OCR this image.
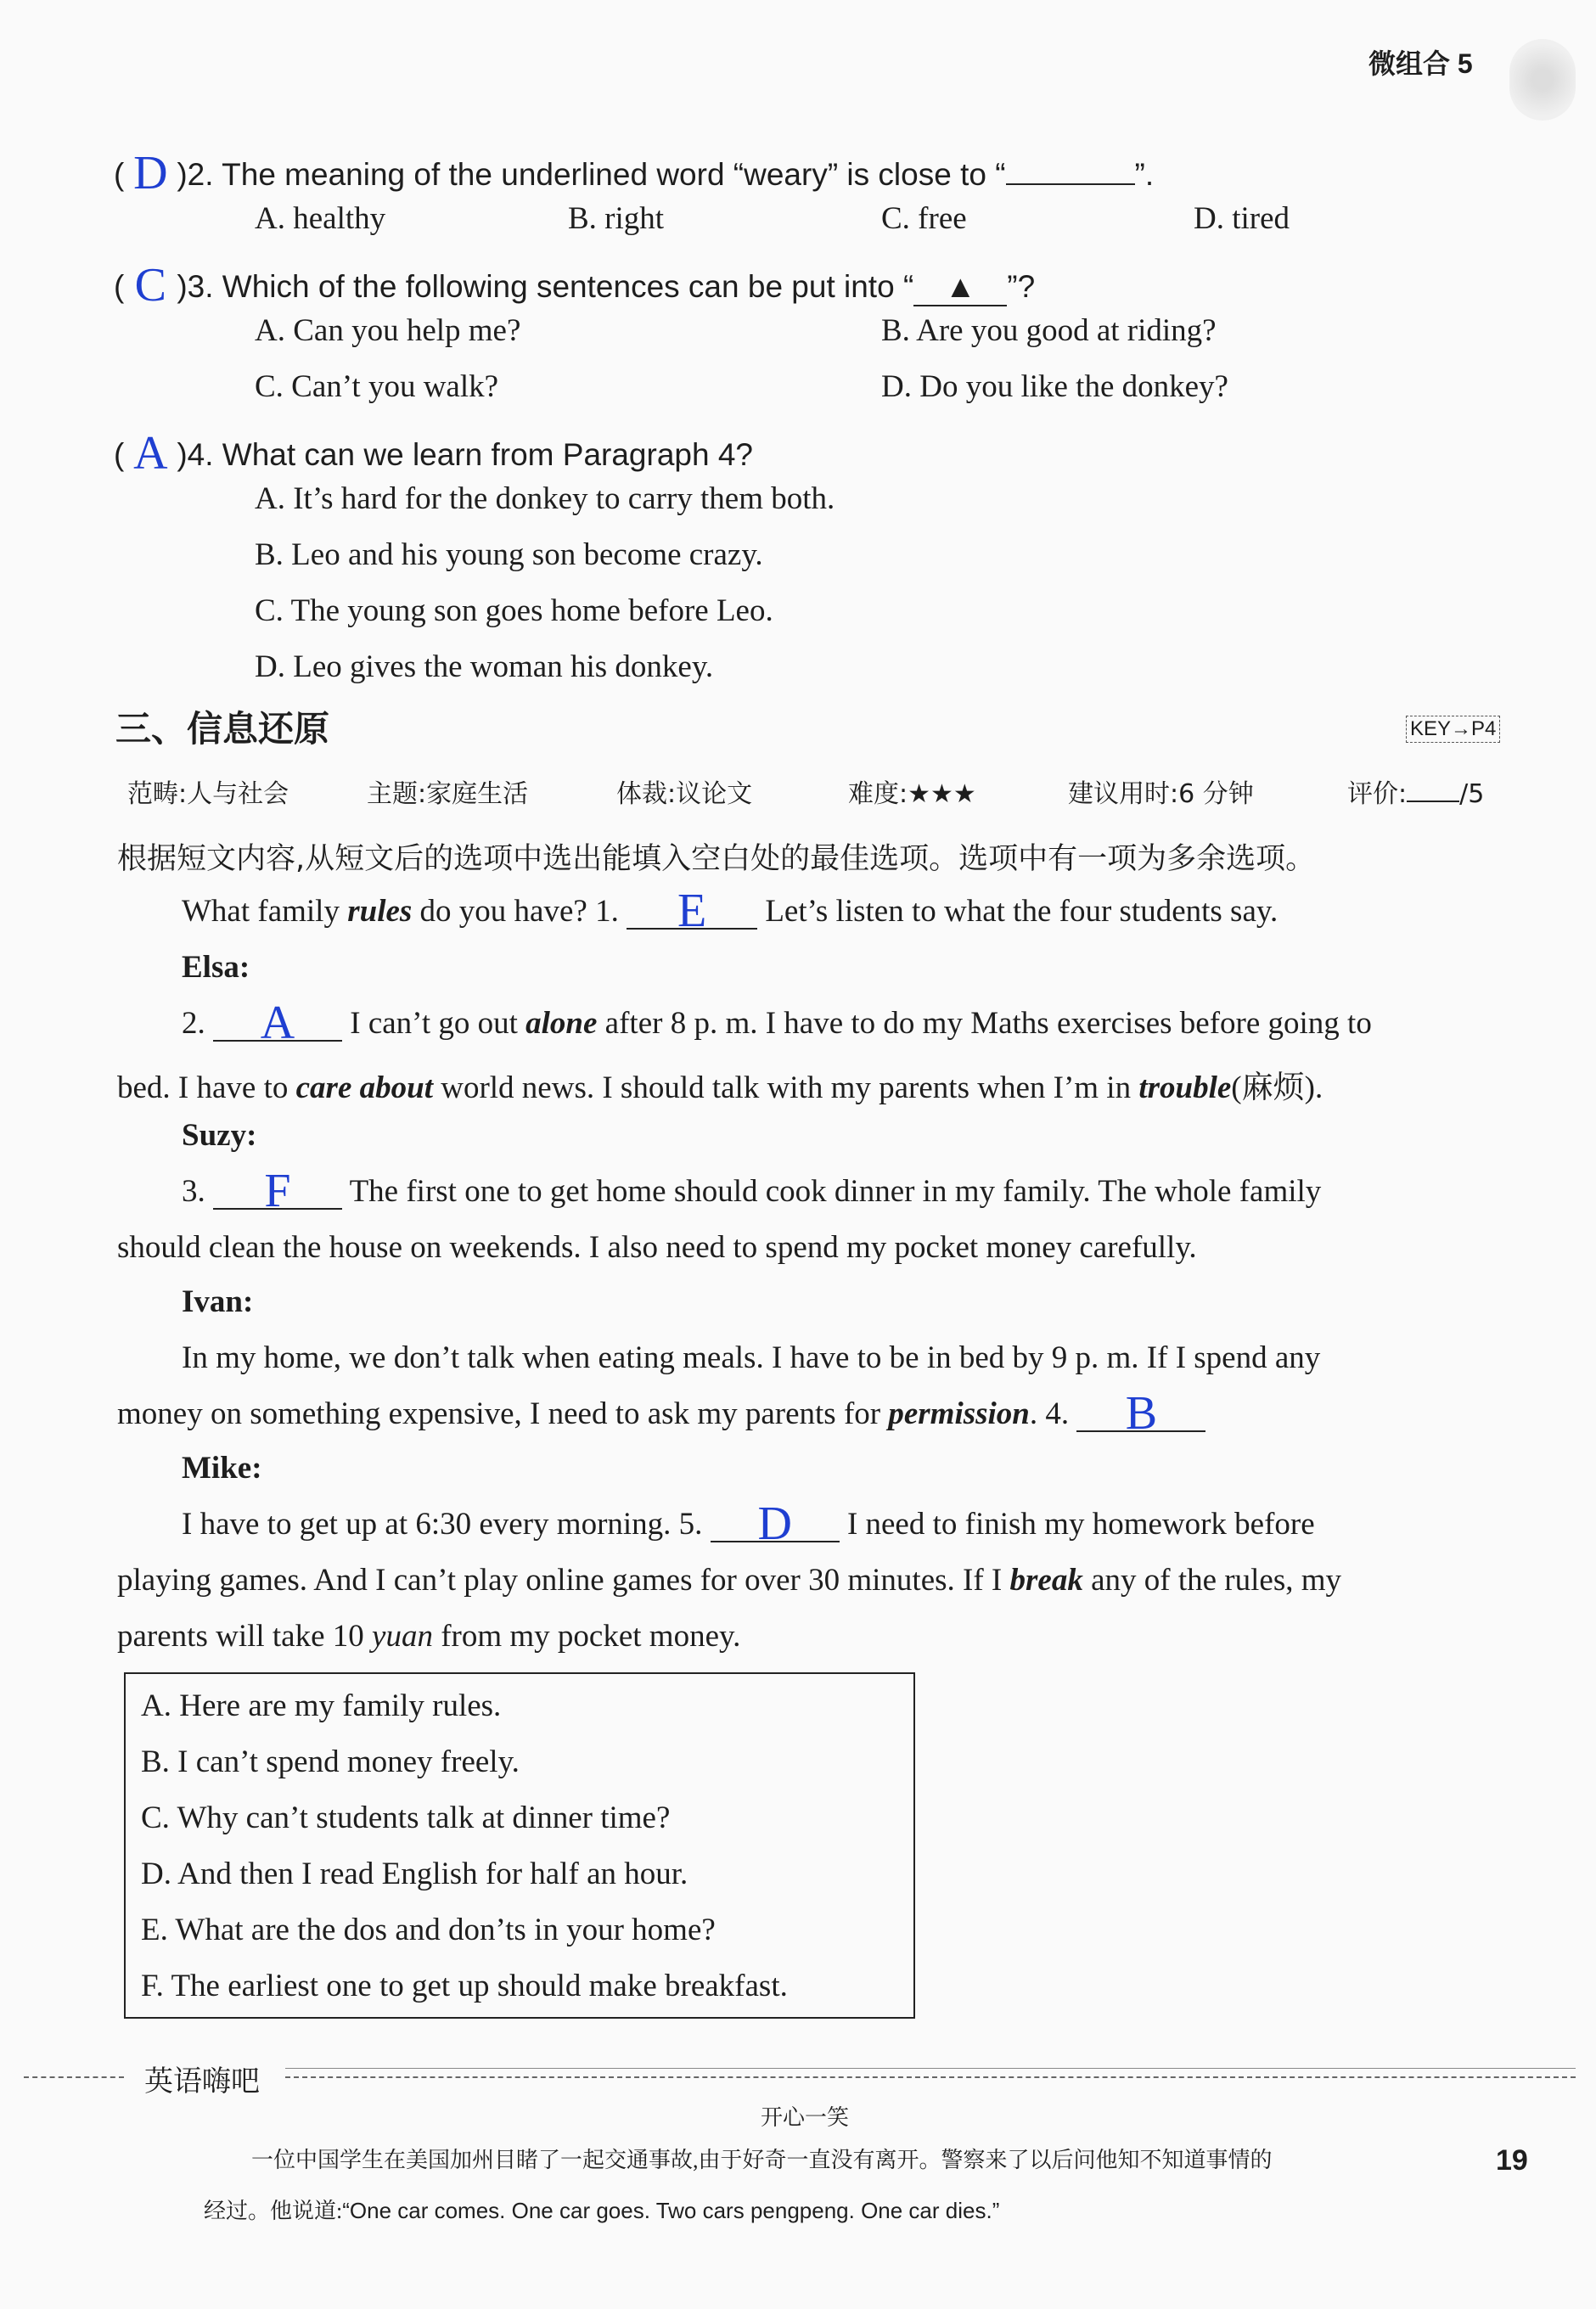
微组合 5
( D )2. The meaning of the underlined word “weary” is close to “	”.
A. healthy	B. right	C. free	D. tired
( C )3. Which of the following sentences can be put into “ ▲ ”?
A. Can you help me?	B. Are you good at riding?
C. Can’t you walk?	D. Do you like the donkey?
( A )4. What can we learn from Paragraph 4?
A. It’s hard for the donkey to carry them both.
B. Leo and his young son become crazy.
C. The young son goes home before Leo.
D. Leo gives the woman his donkey.
三、信息还原	KEY→P4
范畴:人与社会	主题:家庭生活	体裁:议论文	难度:★★★	建议用时:6 分钟	评价: /5
根据短文内容,从短文后的选项中选出能填入空白处的最佳选项。选项中有一项为多余选项。
What family rules do you have? 1. E Let’s listen to what the four students say.
Elsa:
2. A I can’t go out alone after 8 p. m. I have to do my Maths exercises before going to
bed. I have to care about world news. I should talk with my parents when I’m in trouble(麻烦).
Suzy:
3. F The first one to get home should cook dinner in my family. The whole family
should clean the house on weekends. I also need to spend my pocket money carefully.
Ivan:
In my home, we don’t talk when eating meals. I have to be in bed by 9 p. m. If I spend any
money on something expensive, I need to ask my parents for permission. 4. B
Mike:
I have to get up at 6:30 every morning. 5. D I need to finish my homework before
playing games. And I can’t play online games for over 30 minutes. If I break any of the rules, my
parents will take 10 yuan from my pocket money.
A. Here are my family rules.
B. I can’t spend money freely.
C. Why can’t students talk at dinner time?
D. And then I read English for half an hour.
E. What are the dos and don’ts in your home?
F. The earliest one to get up should make breakfast.
英语嗨吧
开心一笑
一位中国学生在美国加州目睹了一起交通事故,由于好奇一直没有离开。警察来了以后问他知不知道事情的
经过。他说道:“One car comes. One car goes. Two cars pengpeng. One car dies.”
19
